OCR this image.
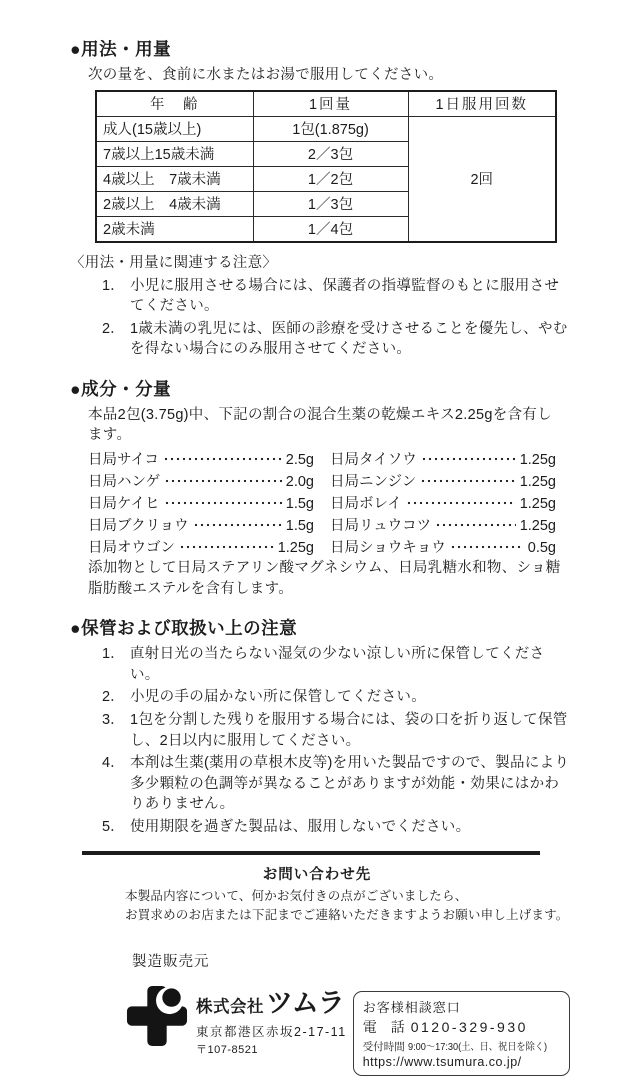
●用法・用量
次の量を、食前に水またはお湯で服用してください。
年　齢	1回量	1日服用回数
成人(15歳以上)	1包(1.875g)	2回
7歳以上15歳未満	2／3包	
4歳以上　7歳未満	1／2包	
2歳以上　4歳未満	1／3包	
2歳未満	1／4包	
〈用法・用量に関連する注意〉
1． 小児に服用させる場合には、保護者の指導監督のもとに服用させてください。
2． 1歳未満の乳児には、医師の診療を受けさせることを優先し、やむを得ない場合にのみ服用させてください。
●成分・分量
本品2包(3.75g)中、下記の割合の混合生薬の乾燥エキス2.25gを含有します。
日局サイコ	2.5g
日局ハンゲ	2.0g
日局ケイヒ	1.5g
日局ブクリョウ	1.5g
日局オウゴン	1.25g
日局タイソウ	1.25g
日局ニンジン	1.25g
日局ボレイ	1.25g
日局リュウコツ	1.25g
日局ショウキョウ	0.5g
添加物として日局ステアリン酸マグネシウム、日局乳糖水和物、ショ糖脂肪酸エステルを含有します。
●保管および取扱い上の注意
1． 直射日光の当たらない湿気の少ない涼しい所に保管してください。
2． 小児の手の届かない所に保管してください。
3． 1包を分割した残りを服用する場合には、袋の口を折り返して保管し、2日以内に服用してください。
4． 本剤は生薬(薬用の草根木皮等)を用いた製品ですので、製品により多少顆粒の色調等が異なることがありますが効能・効果にはかわりありません。
5． 使用期限を過ぎた製品は、服用しないでください。
お問い合わせ先
本製品内容について、何かお気付きの点がございましたら、
お買求めのお店または下記までご連絡いただきますようお願い申し上げます。
製造販売元
株式会社 ツムラ
東京都港区赤坂2-17-11
〒107-8521
お客様相談窓口
電　話 0120-329-930
受付時間 9:00〜17:30(土、日、祝日を除く)
https://www.tsumura.co.jp/
